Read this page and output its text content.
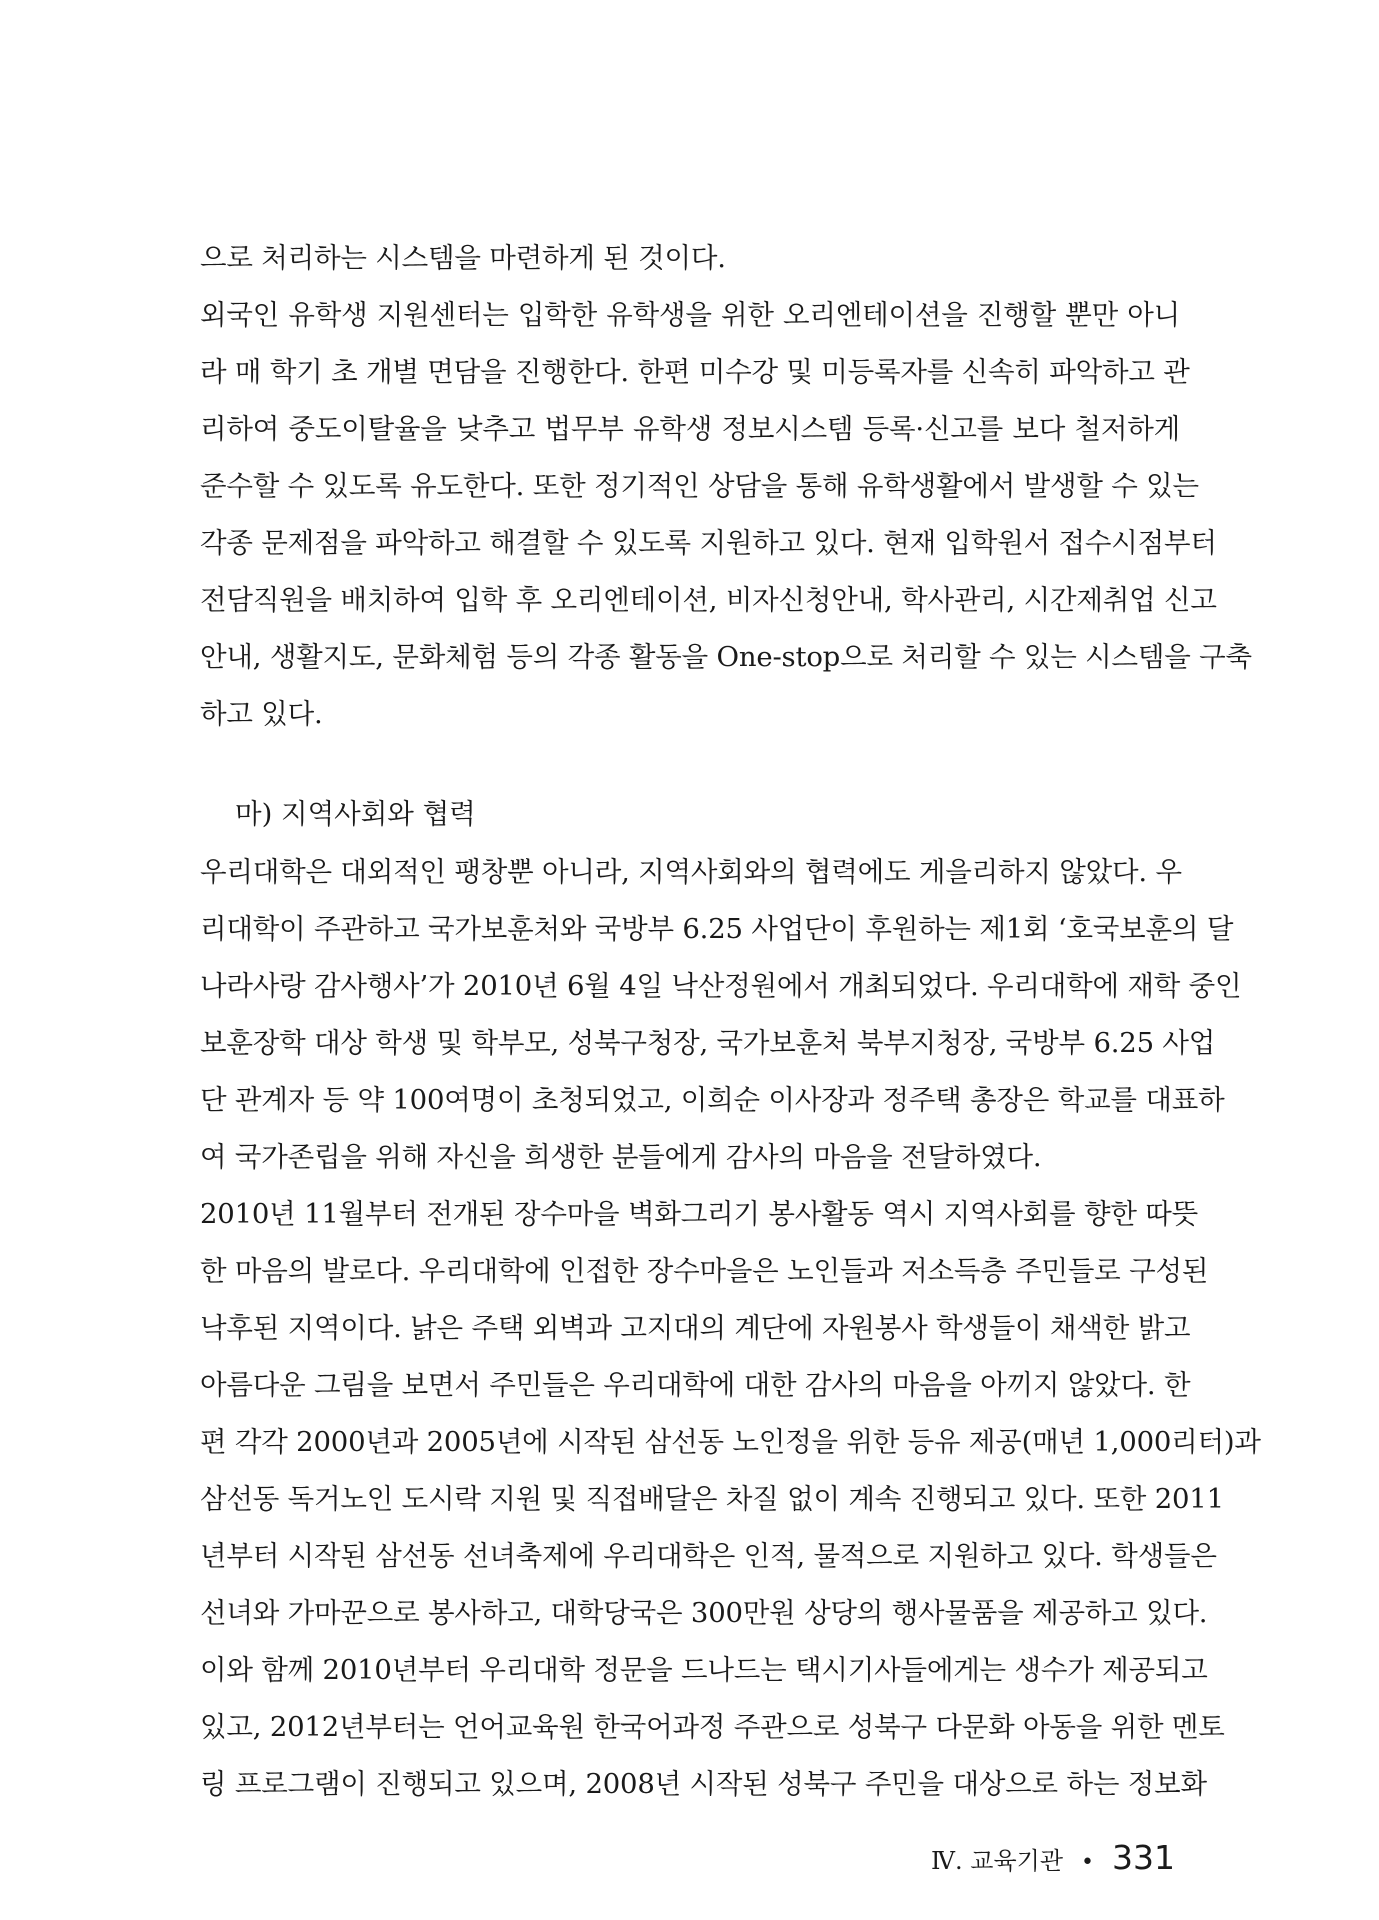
으로 처리하는 시스템을 마련하게 된 것이다.
외국인 유학생 지원센터는 입학한 유학생을 위한 오리엔테이션을 진행할 뿐만 아니
라 매 학기 초 개별 면담을 진행한다. 한편 미수강 및 미등록자를 신속히 파악하고 관
리하여 중도이탈율을 낮추고 법무부 유학생 정보시스템 등록·신고를 보다 철저하게
준수할 수 있도록 유도한다. 또한 정기적인 상담을 통해 유학생활에서 발생할 수 있는
각종 문제점을 파악하고 해결할 수 있도록 지원하고 있다. 현재 입학원서 접수시점부터
전담직원을 배치하여 입학 후 오리엔테이션, 비자신청안내, 학사관리, 시간제취업 신고
안내, 생활지도, 문화체험 등의 각종 활동을 One-stop으로 처리할 수 있는 시스템을 구축
하고 있다.
마) 지역사회와 협력
우리대학은 대외적인 팽창뿐 아니라, 지역사회와의 협력에도 게을리하지 않았다. 우
리대학이 주관하고 국가보훈처와 국방부 6.25 사업단이 후원하는 제1회 ‘호국보훈의 달
나라사랑 감사행사’가 2010년 6월 4일 낙산정원에서 개최되었다. 우리대학에 재학 중인
보훈장학 대상 학생 및 학부모, 성북구청장, 국가보훈처 북부지청장, 국방부 6.25 사업
단 관계자 등 약 100여명이 초청되었고, 이희순 이사장과 정주택 총장은 학교를 대표하
여 국가존립을 위해 자신을 희생한 분들에게 감사의 마음을 전달하였다.
2010년 11월부터 전개된 장수마을 벽화그리기 봉사활동 역시 지역사회를 향한 따뜻
한 마음의 발로다. 우리대학에 인접한 장수마을은 노인들과 저소득층 주민들로 구성된
낙후된 지역이다. 낡은 주택 외벽과 고지대의 계단에 자원봉사 학생들이 채색한 밝고
아름다운 그림을 보면서 주민들은 우리대학에 대한 감사의 마음을 아끼지 않았다. 한
편 각각 2000년과 2005년에 시작된 삼선동 노인정을 위한 등유 제공(매년 1,000리터)과
삼선동 독거노인 도시락 지원 및 직접배달은 차질 없이 계속 진행되고 있다. 또한 2011
년부터 시작된 삼선동 선녀축제에 우리대학은 인적, 물적으로 지원하고 있다. 학생들은
선녀와 가마꾼으로 봉사하고, 대학당국은 300만원 상당의 행사물품을 제공하고 있다.
이와 함께 2010년부터 우리대학 정문을 드나드는 택시기사들에게는 생수가 제공되고
있고, 2012년부터는 언어교육원 한국어과정 주관으로 성북구 다문화 아동을 위한 멘토
링 프로그램이 진행되고 있으며, 2008년 시작된 성북구 주민을 대상으로 하는 정보화
Ⅳ. 교육기관 • 331
